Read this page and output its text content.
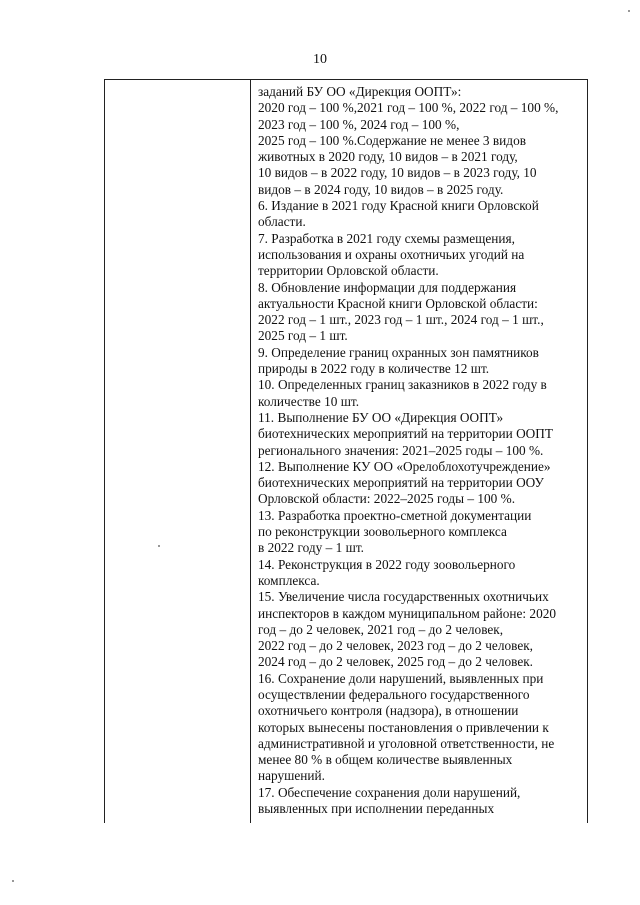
10
заданий БУ ОО «Дирекция ООПТ»:
2020 год – 100 %,2021 год – 100 %, 2022 год – 100 %,
2023 год – 100 %, 2024 год – 100 %,
2025 год – 100 %.Содержание не менее 3 видов
животных в 2020 году, 10 видов – в 2021 году,
10 видов – в 2022 году, 10 видов – в 2023 году, 10
видов – в 2024 году, 10 видов – в 2025 году.
6. Издание в 2021 году Красной книги Орловской
области.
7. Разработка в 2021 году схемы размещения,
использования и охраны охотничьих угодий на
территории Орловской области.
8. Обновление информации для поддержания
актуальности Красной книги Орловской области:
2022 год – 1 шт., 2023 год – 1 шт., 2024 год – 1 шт.,
2025 год – 1 шт.
9. Определение границ охранных зон памятников
природы в 2022 году в количестве 12 шт.
10. Определенных границ заказников в 2022 году в
количестве 10 шт.
11. Выполнение БУ ОО «Дирекция ООПТ»
биотехнических мероприятий на территории ООПТ
регионального значения: 2021–2025 годы – 100 %.
12. Выполнение КУ ОО «Орелоблохотучреждение»
биотехнических мероприятий на территории ООУ
Орловской области: 2022–2025 годы – 100 %.
13. Разработка проектно-сметной документации
по реконструкции зоовольерного комплекса
в 2022 году – 1 шт.
14. Реконструкция в 2022 году зоовольерного
комплекса.
15. Увеличение числа государственных охотничьих
инспекторов в каждом муниципальном районе: 2020
год – до 2 человек, 2021 год – до 2 человек,
2022 год – до 2 человек, 2023 год – до 2 человек,
2024 год – до 2 человек, 2025 год – до 2 человек.
16. Сохранение доли нарушений, выявленных при
осуществлении федерального государственного
охотничьего контроля (надзора), в отношении
которых вынесены постановления о привлечении к
административной и уголовной ответственности, не
менее 80 % в общем количестве выявленных
нарушений.
17. Обеспечение сохранения доли нарушений,
выявленных при исполнении переданных
